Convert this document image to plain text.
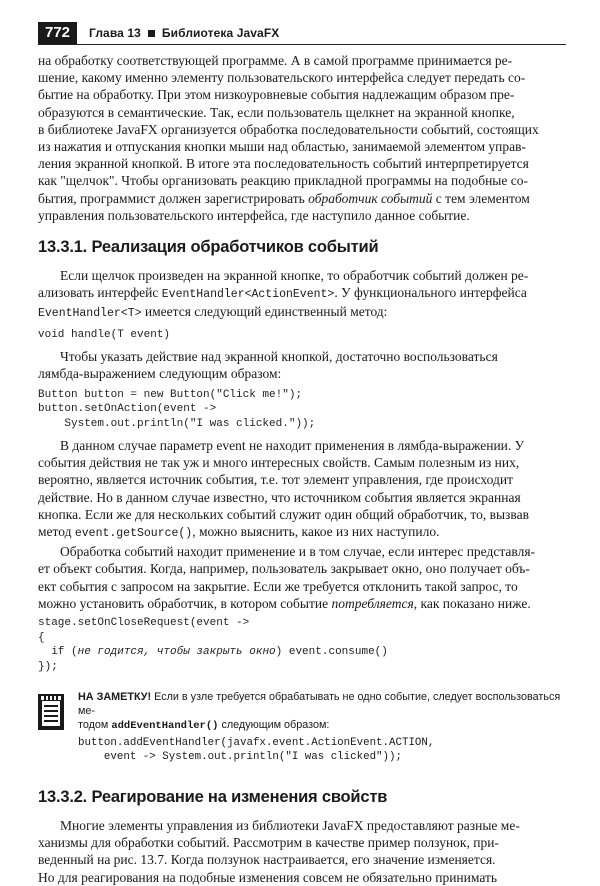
772	Глава 13 Библиотека JavaFX

на обработку соответствующей программе. А в самой программе принимается ре-

шение, какому именно элементу пользовательского интерфейса следует передать со-

бытие на обработку. При этом низкоуровневые события надлежащим образом пре-

образуются в семантические. Так, если пользователь щелкнет на экранной кнопке,

в библиотеке JavaFX организуется обработка последовательности событий, состоящих

из нажатия и отпускания кнопки мыши над областью, занимаемой элементом управ-

ления экранной кнопкой. В итоге эта последовательность событий интерпретируется

как "щелчок". Чтобы организовать реакцию прикладной программы на подобные со-

бытия, программист должен зарегистрировать обработчик событий с тем элементом

управления пользовательского интерфейса, где наступило данное событие.

13.3.1. Реализация обработчиков событий

Если щелчок произведен на экранной кнопке, то обработчик событий должен ре-

ализовать интерфейс EventHandler<ActionEvent>. У функционального интерфейса

EventHandler<T> имеется следующий единственный метод:

void handle(T event)

Чтобы указать действие над экранной кнопкой, достаточно воспользоваться

лямбда-выражением следующим образом:

Button button = new Button("Click me!");
button.setOnAction(event ->
System.out.println("I was clicked."));

В данном случае параметр event не находит применения в лямбда-выражении. У

события действия не так уж и много интересных свойств. Самым полезным из них,

вероятно, является источник события, т.е. тот элемент управления, где происходит

действие. Но в данном случае известно, что источником события является экранная

кнопка. Если же для нескольких событий служит один общий обработчик, то, вызвав

метод event.getSource(), можно выяснить, какое из них наступило.

Обработка событий находит применение и в том случае, если интерес представля-

ет объект события. Когда, например, пользователь закрывает окно, оно получает объ-

ект события с запросом на закрытие. Если же требуется отклонить такой запрос, то

можно установить обработчик, в котором событие потребляется, как показано ниже.

stage.setOnCloseRequest(event ->
{
if (не годится, чтобы закрыть окно) event.consume()
});

НА ЗАМЕТКУ! Если в узле требуется обрабатывать не одно событие, следует воспользоваться ме-

тодом addEventHandler() следующим образом:

button.addEventHandler(javafx.event.ActionEvent.ACTION,
event -> System.out.println("I was clicked"));
13.3.2. Реагирование на изменения свойств

Многие элементы управления из библиотеки JavaFX предоставляют разные ме-

ханизмы для обработки событий. Рассмотрим в качестве пример ползунок, при-

веденный на рис. 13.7. Когда ползунок настраивается, его значение изменяется.

Но для реагирования на подобные изменения совсем не обязательно принимать
